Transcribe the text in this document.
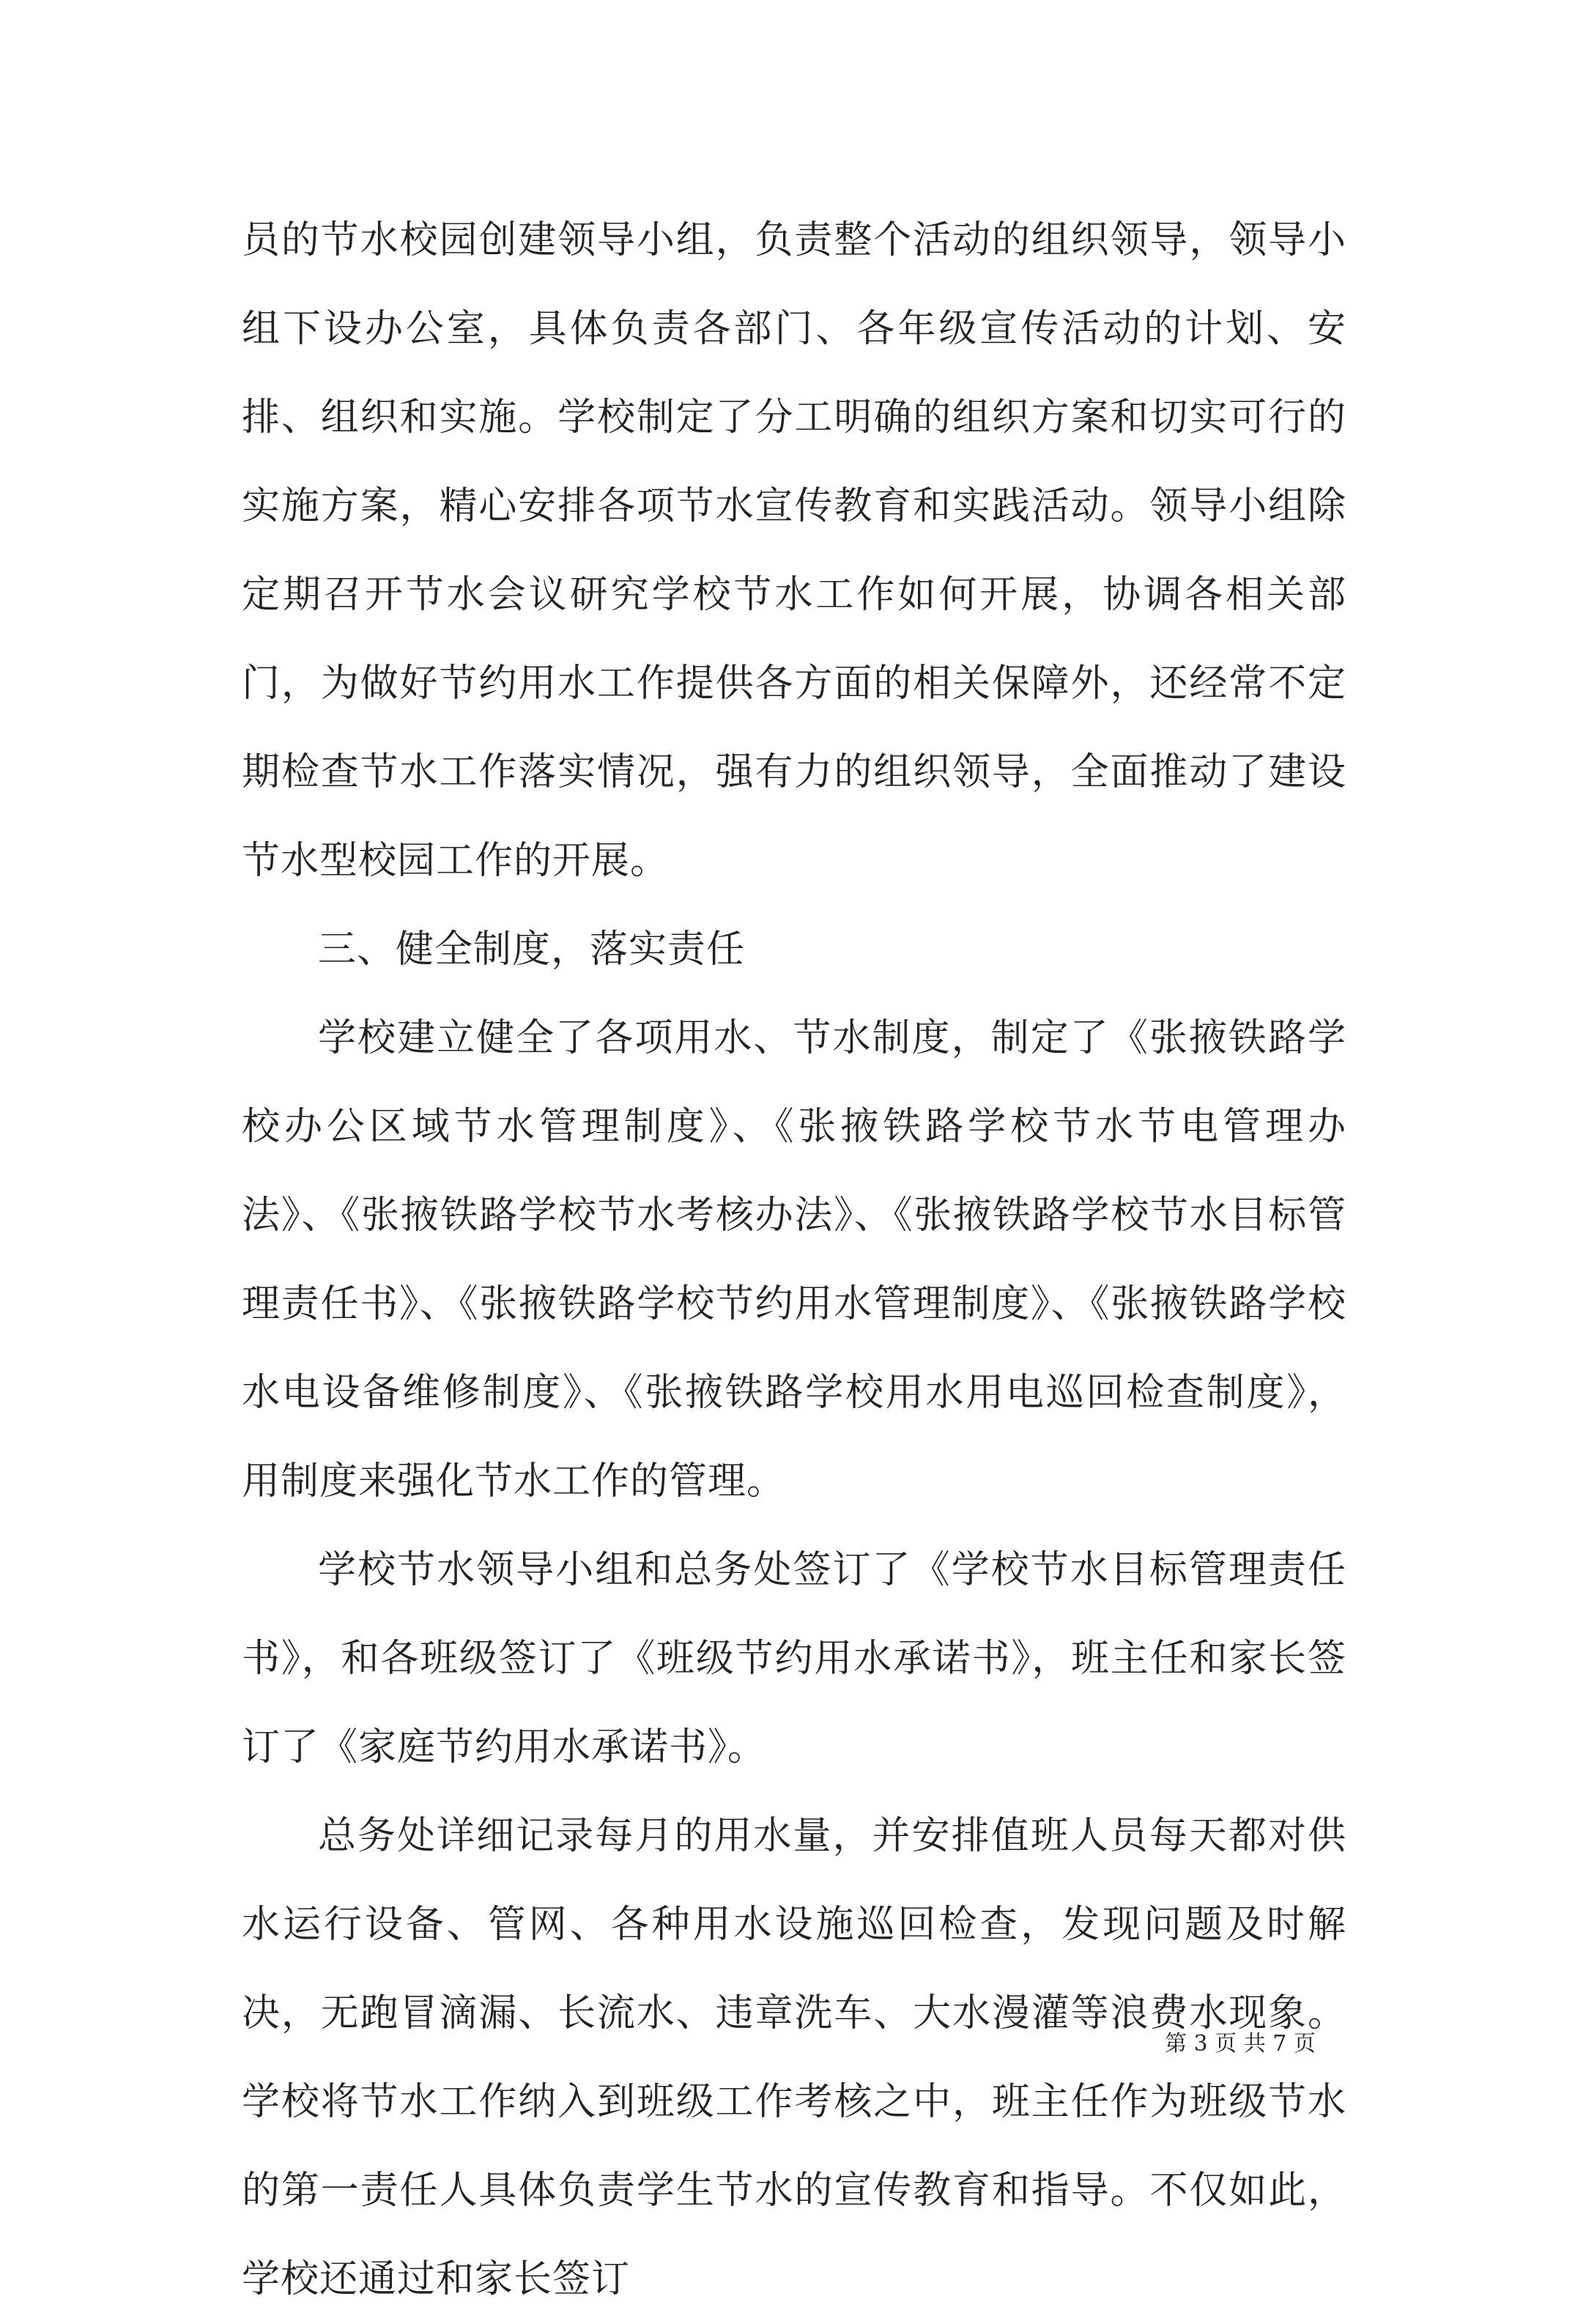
员的节水校园创建领导小组，负责整个活动的组织领导，领导小组下设办公室，具体负责各部门、各年级宣传活动的计划、安排、组织和实施。学校制定了分工明确的组织方案和切实可行的实施方案，精心安排各项节水宣传教育和实践活动。领导小组除定期召开节水会议研究学校节水工作如何开展，协调各相关部门，为做好节约用水工作提供各方面的相关保障外，还经常不定期检查节水工作落实情况，强有力的组织领导，全面推动了建设节水型校园工作的开展。

三、健全制度，落实责任

学校建立健全了各项用水、节水制度，制定了《张掖铁路学校办公区域节水管理制度》、《张掖铁路学校节水节电管理办法》、《张掖铁路学校节水考核办法》、《张掖铁路学校节水目标管理责任书》、《张掖铁路学校节约用水管理制度》、《张掖铁路学校水电设备维修制度》、《张掖铁路学校用水用电巡回检查制度》，用制度来强化节水工作的管理。

学校节水领导小组和总务处签订了《学校节水目标管理责任书》，和各班级签订了《班级节约用水承诺书》，班主任和家长签订了《家庭节约用水承诺书》。

总务处详细记录每月的用水量，并安排值班人员每天都对供水运行设备、管网、各种用水设施巡回检查，发现问题及时解决，无跑冒滴漏、长流水、违章洗车、大水漫灌等浪费水现象。学校将节水工作纳入到班级工作考核之中，班主任作为班级节水的第一责任人具体负责学生节水的宣传教育和指导。不仅如此，学校还通过和家长签订

第 3 页 共 7 页
